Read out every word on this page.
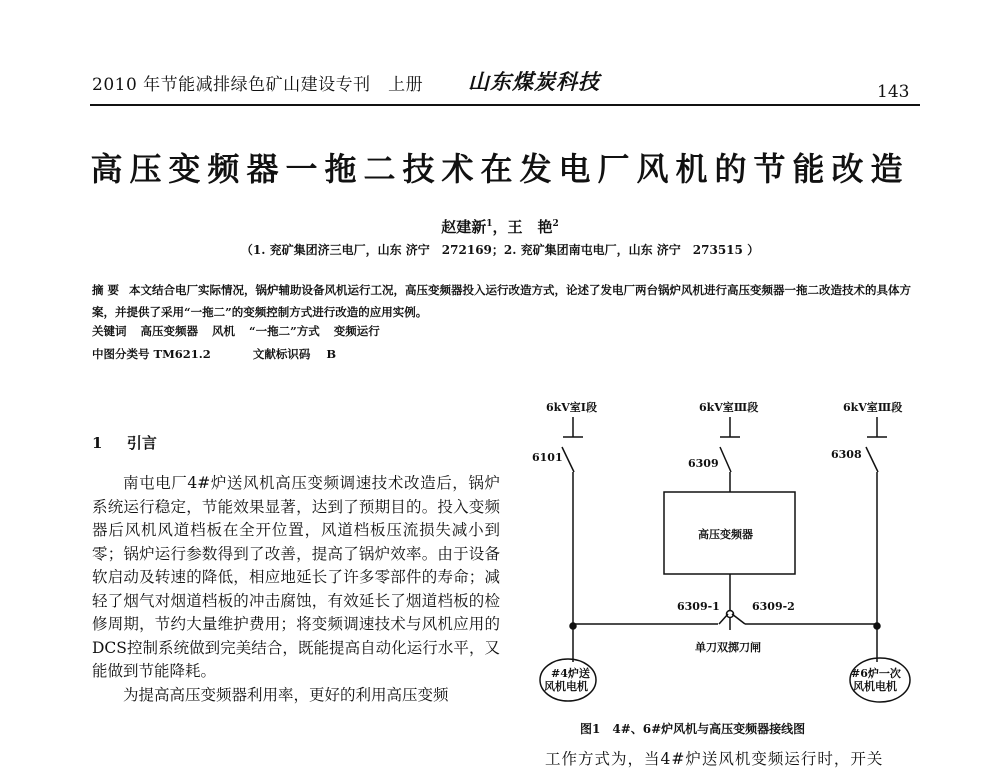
2010 年节能减排绿色矿山建设专刊　上册 山东煤炭科技	143
高压变频器一拖二技术在发电厂风机的节能改造
赵建新$^1$，王　艳$^2$
（1. 兖矿集团济三电厂，山东 济宁　272169；2. 兖矿集团南屯电厂，山东 济宁　273515 ）
摘要 本文结合电厂实际情况，锅炉辅助设备风机运行工况，高压变频器投入运行改造方式，论述了发电厂两台锅炉风机进行高压变频器一拖二改造技术的具体方案，并提供了采用“一拖二”的变频控制方式进行改造的应用实例。
关键词 高压变频器 风机 “一拖二”方式 变频运行
中图分类号 TM621.2	文献标识码 B
1 引言

南屯电厂4#炉送风机高压变频调速技术改造后，锅炉系统运行稳定，节能效果显著，达到了预期目的。投入变频器后风机风道档板在全开位置，风道档板压流损失减小到零；锅炉运行参数得到了改善，提高了锅炉效率。由于设备软启动及转速的降低，相应地延长了许多零部件的寿命；减轻了烟气对烟道档板的冲击腐蚀，有效延长了烟道档板的检修周期，节约大量维护费用；将变频调速技术与风机应用的DCS控制系统做到完美结合，既能提高自动化运行水平，又能做到节能降耗。

为提高高压变频器利用率，更好的利用高压变频

6kV室Ⅰ段	6kV室Ⅲ段	6kV室Ⅲ段
6101	6309
6308
高压变频器
6309-1	6309-2
单刀双掷刀闸
#4炉送
风机电机
#6炉一次
风机电机
图1　4#、6#炉风机与高压变频器接线图
工作方式为，当4#炉送风机变频运行时，开关
